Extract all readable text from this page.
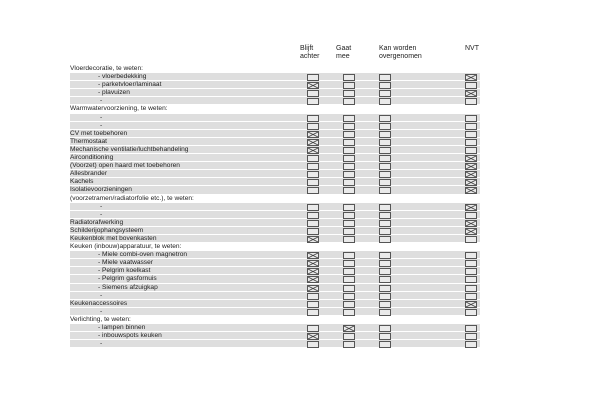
Blijft
achter
Gaat
mee
Kan worden
overgenomen
NVT
Vloerdecoratie, te weten:
- vloerbedekking
- parketvloer/laminaat
- plavuizen
-
Warmwatervoorziening, te weten:
-
-
CV met toebehoren
Thermostaat
Mechanische ventilatie/luchtbehandeling
Airconditioning
(Voorzet) open haard met toebehoren
Allesbrander
Kachels
Isolatievoorzieningen
(voorzetramen/radiatorfolie etc.), te weten:
-
-
Radiatorafwerking
Schilderijophangsysteem
Keukenblok met bovenkasten
Keuken (inbouw)apparatuur, te weten:
- Miele combi-oven magnetron
- Miele vaatwasser
- Pelgrim koelkast
- Pelgrim gasfornuis
- Siemens afzuigkap
-
Keukenaccessoires
-
Verlichting, te weten:
- lampen binnen
- inbouwspots keuken
-
